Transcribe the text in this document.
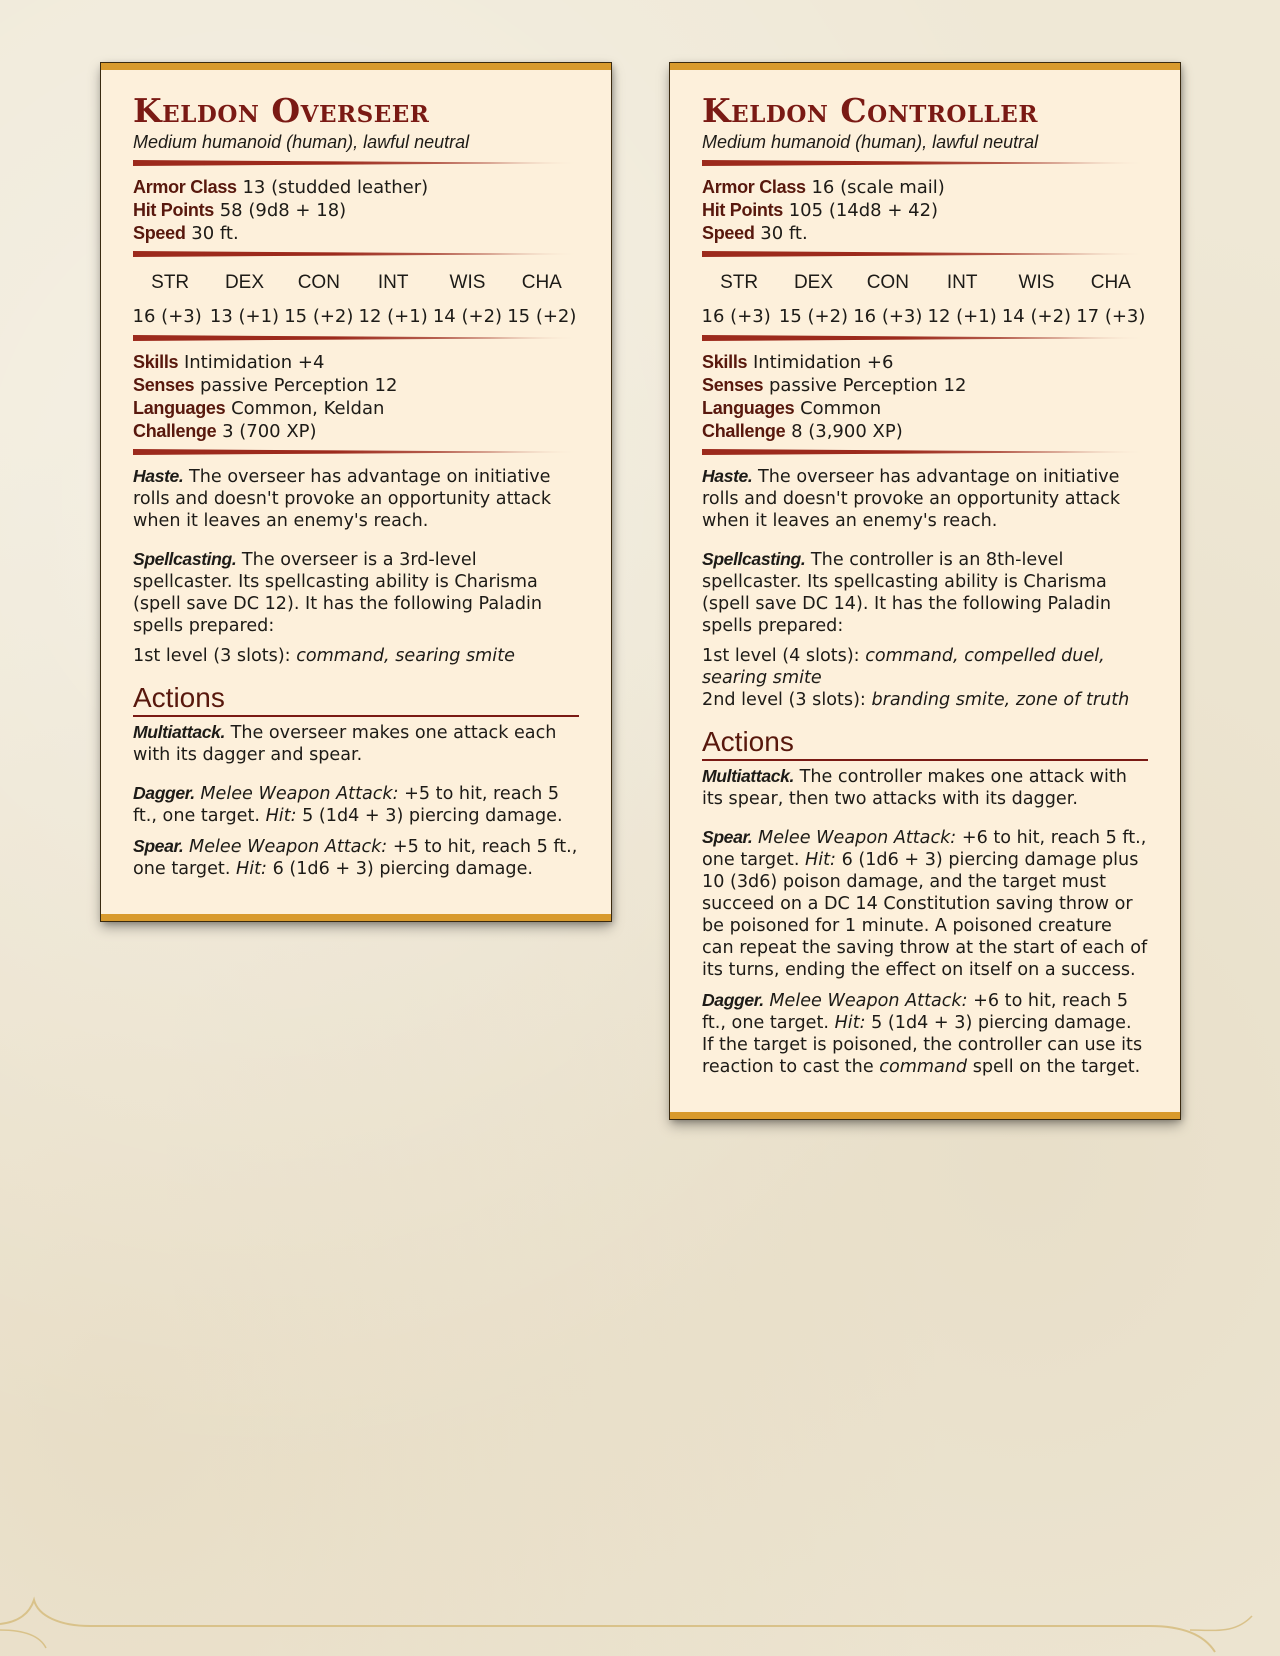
Keldon Overseer

Medium humanoid (human), lawful neutral

Armor Class 13 (studded leather)

Hit Points 58 (9d8 + 18)

Speed 30 ft.

STR
16 (+3)
DEX
13 (+1)
CON
15 (+2)
INT
12 (+1)
WIS
14 (+2)
CHA
15 (+2)

Skills Intimidation +4

Senses passive Perception 12

Languages Common, Keldan

Challenge 3 (700 XP)

Haste. The overseer has advantage on initiative rolls and doesn't provoke an opportunity attack when it leaves an enemy's reach.

Spellcasting. The overseer is a 3rd-level spellcaster. Its spellcasting ability is Charisma (spell save DC 12). It has the following Paladin spells prepared:

1st level (3 slots): command, searing smite

Actions

Multiattack. The overseer makes one attack each with its dagger and spear.

Dagger. Melee Weapon Attack: +5 to hit, reach 5 ft., one target. Hit: 5 (1d4 + 3) piercing damage.

Spear. Melee Weapon Attack: +5 to hit, reach 5 ft., one target. Hit: 6 (1d6 + 3) piercing damage.

Keldon Controller

Medium humanoid (human), lawful neutral

Armor Class 16 (scale mail)

Hit Points 105 (14d8 + 42)

Speed 30 ft.

STR
16 (+3)
DEX
15 (+2)
CON
16 (+3)
INT
12 (+1)
WIS
14 (+2)
CHA
17 (+3)

Skills Intimidation +6

Senses passive Perception 12

Languages Common

Challenge 8 (3,900 XP)

Haste. The overseer has advantage on initiative rolls and doesn't provoke an opportunity attack when it leaves an enemy's reach.

Spellcasting. The controller is an 8th-level spellcaster. Its spellcasting ability is Charisma (spell save DC 14). It has the following Paladin spells prepared:

1st level (4 slots): command, compelled duel, searing smite

2nd level (3 slots): branding smite, zone of truth

Actions

Multiattack. The controller makes one attack with its spear, then two attacks with its dagger.

Spear. Melee Weapon Attack: +6 to hit, reach 5 ft., one target. Hit: 6 (1d6 + 3) piercing damage plus 10 (3d6) poison damage, and the target must succeed on a DC 14 Constitution saving throw or be poisoned for 1 minute. A poisoned creature can repeat the saving throw at the start of each of its turns, ending the effect on itself on a success.

Dagger. Melee Weapon Attack: +6 to hit, reach 5 ft., one target. Hit: 5 (1d4 + 3) piercing damage. If the target is poisoned, the controller can use its reaction to cast the command spell on the target.
